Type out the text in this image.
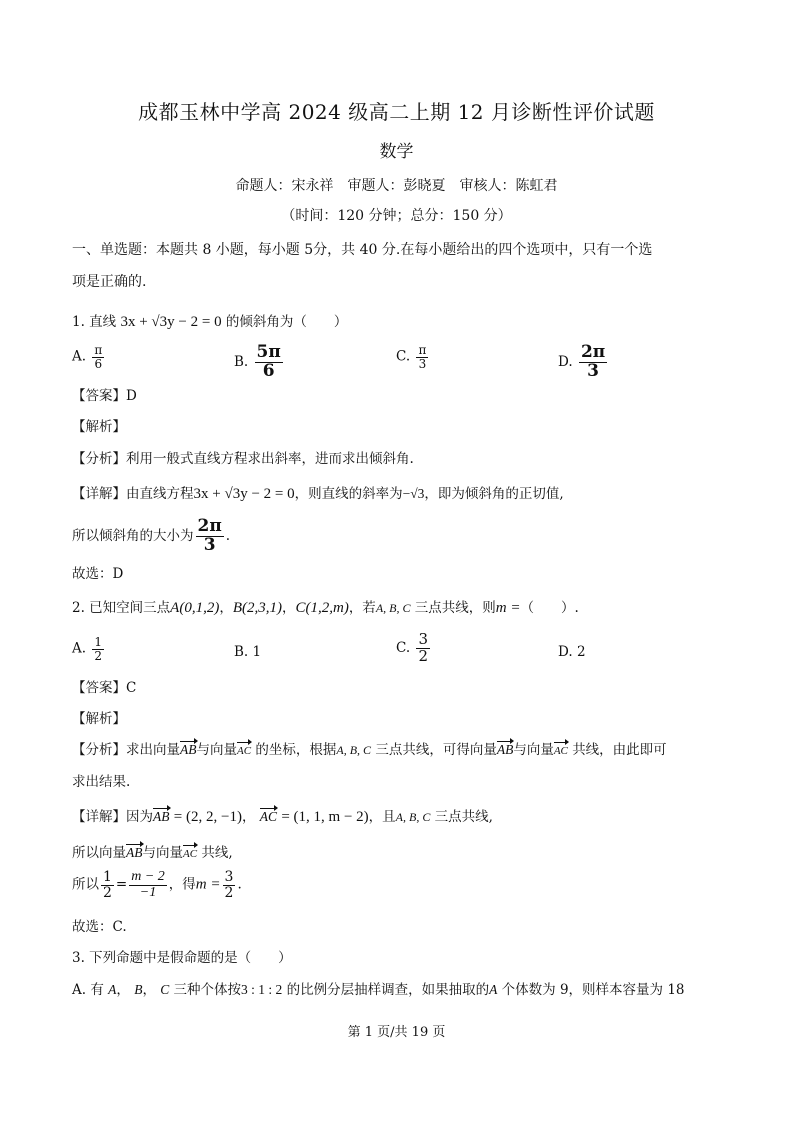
成都玉林中学高 2024 级高二上期 12 月诊断性评价试题
数学
命题人：宋永祥　审题人：彭晓夏　审核人：陈虹君
（时间：120 分钟；总分：150 分）
一、单选题：本题共 8 小题，每小题 5分，共 40 分.在每小题给出的四个选项中，只有一个选
项是正确的.
1. 直线 3x + √3y − 2 = 0 的倾斜角为（　　）
A. $\frac{\pi}{6}$	B. $\frac{5\pi}{6}$	C. $\frac{\pi}{3}$	D. $\frac{2\pi}{3}$
【答案】D
【解析】
【分析】利用一般式直线方程求出斜率，进而求出倾斜角.
【详解】由直线方程3x + √3y − 2 = 0，则直线的斜率为−√3，即为倾斜角的正切值,
所以倾斜角的大小为 $\frac{2\pi}{3}$ .
故选：D
2. 已知空间三点A(0,1,2)，B(2,3,1)，C(1,2,m)，若A, B, C 三点共线，则m =（　　）.
A. $\frac{1}{2}$	B. 1	C. $\frac{3}{2}$	D. 2
【答案】C
【解析】
【分析】求出向量AB与向量AC 的坐标，根据A, B, C 三点共线，可得向量AB与向量AC 共线，由此即可
求出结果.
【详解】因为AB = (2, 2, −1)， AC = (1, 1, m − 2)，且A, B, C 三点共线,
所以向量AB与向量AC 共线,
所以 $\frac{1}{2} = \frac{m - 2}{-1}$ ，得$m = \frac{3}{2}$ .
故选：C.
3. 下列命题中是假命题的是（　　）
A. 有 A， B， C 三种个体按3 : 1 : 2 的比例分层抽样调查，如果抽取的A 个体数为 9，则样本容量为 18
第 1 页/共 19 页
